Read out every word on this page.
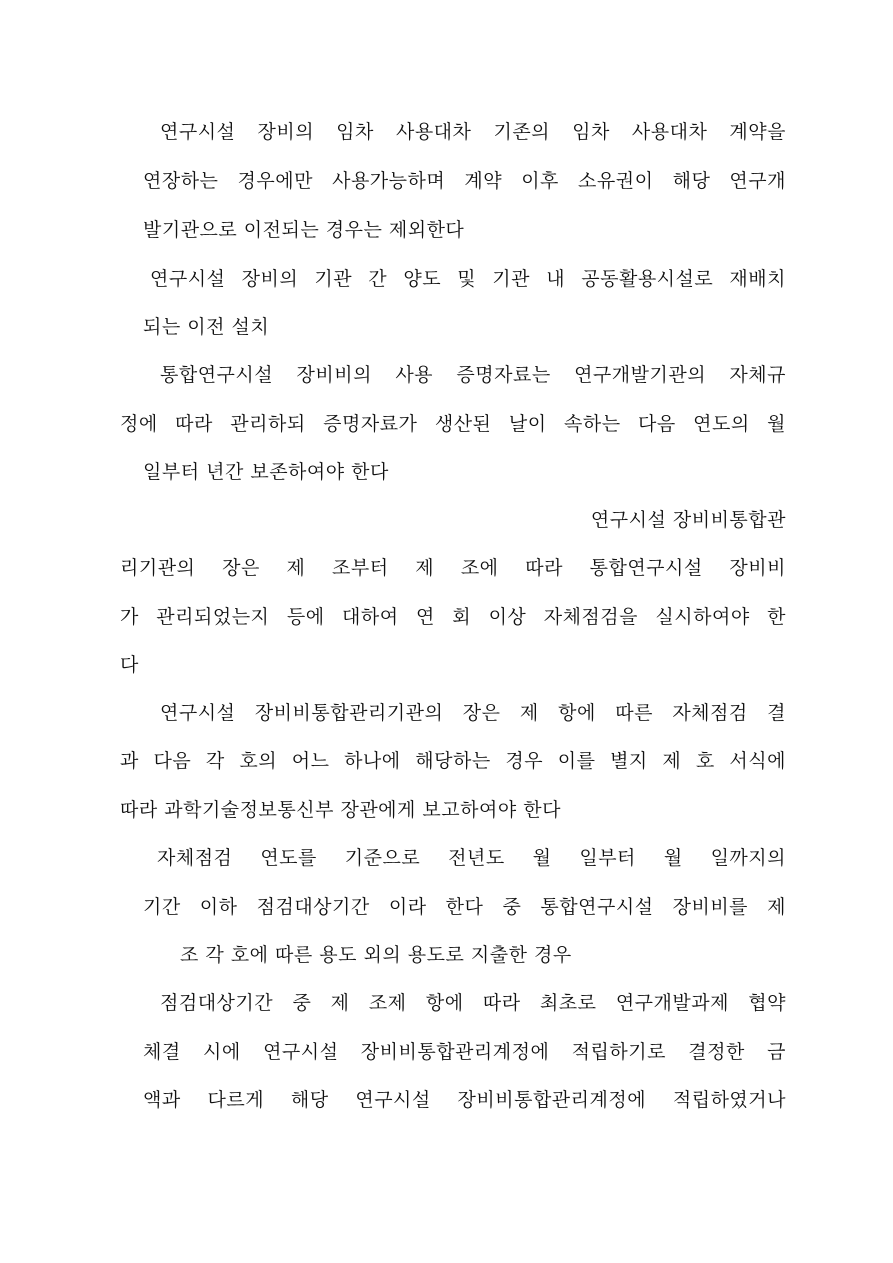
연구시설 장비의 임차 사용대차 기존의 임차 사용대차 계약을
연장하는 경우에만 사용가능하며 계약 이후 소유권이 해당 연구개
발기관으로 이전되는 경우는 제외한다
연구시설 장비의 기관 간 양도 및 기관 내 공동활용시설로 재배치
되는 이전 설치
통합연구시설 장비비의 사용 증명자료는 연구개발기관의 자체규
정에 따라 관리하되 증명자료가 생산된 날이 속하는 다음 연도의 월
일부터 년간 보존하여야 한다
연구시설 장비비통합관
리기관의 장은 제 조부터 제 조에 따라 통합연구시설 장비비
가 관리되었는지 등에 대하여 연 회 이상 자체점검을 실시하여야 한
다
연구시설 장비비통합관리기관의 장은 제 항에 따른 자체점검 결
과 다음 각 호의 어느 하나에 해당하는 경우 이를 별지 제 호 서식에
따라 과학기술정보통신부 장관에게 보고하여야 한다
자체점검 연도를 기준으로 전년도 월 일부터 월 일까지의
기간 이하 점검대상기간 이라 한다 중 통합연구시설 장비비를 제
조 각 호에 따른 용도 외의 용도로 지출한 경우
점검대상기간 중 제 조제 항에 따라 최초로 연구개발과제 협약
체결 시에 연구시설 장비비통합관리계정에 적립하기로 결정한 금
액과 다르게 해당 연구시설 장비비통합관리계정에 적립하였거나
